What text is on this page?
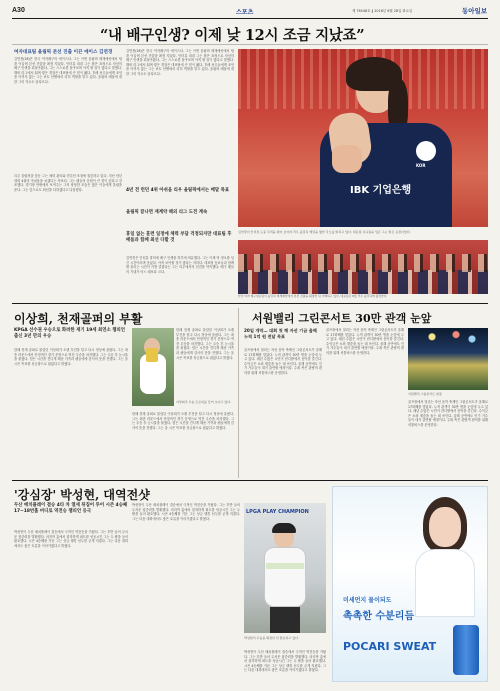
A30	스포츠	제 76548호 ‖ 2016년 6월 28일 화요일	동아일보
“내 배구인생? 이제 낮 12시 조금 지났죠”
여자대표팀 올림픽 본선 진출 이끈 에이스 김연경
김연경(28)은 한국 여자배구의 에이스다. 그는 이번 올림픽 세계예선에서 팀을 이끌며 본선 진출을 확정 지었다. 인터뷰 내내 그는 밝은 표정으로 자신의 배구 인생을 되돌아봤다. 그는 스스로를 돌아보며 아직 할 일이 많다고 말했다. 해외 리그에서 뛰며 쌓은 경험은 대표팀에 큰 힘이 됐다. 후배 선수들에게 조언을 아끼지 않는 그는 코트 안팎에서 리더 역할을 맡고 있다. 올림픽 메달에 대한 그의 각오도 남다르다.
리우 올림픽을 앞둔 그는 체력 관리와 컨디션 조절에 집중하고 있다. 지난 런던 대회 4위의 아쉬움을 씻겠다는 목표다. 그는 팬들의 응원이 큰 힘이 된다고 강조했다. 경기장 안팎에서 보여주는 그의 당당한 모습은 많은 이들에게 울림을 준다. 그는 앞으로도 최선을 다하겠다고 다짐했다.
김연경(28)은 한국 여자배구의 에이스다. 그는 이번 올림픽 세계예선에서 팀을 이끌며 본선 진출을 확정 지었다. 인터뷰 내내 그는 밝은 표정으로 자신의 배구 인생을 되돌아봤다. 그는 스스로를 돌아보며 아직 할 일이 많다고 말했다. 해외 리그에서 뛰며 쌓은 경험은 대표팀에 큰 힘이 됐다. 후배 선수들에게 조언을 아끼지 않는 그는 코트 안팎에서 리더 역할을 맡고 있다. 올림픽 메달에 대한 그의 각오도 남다르다.
4년 전 런던 4위 아쉬움 리우 올림픽에서는 메달 목표
올림픽 끝나면 재계약 해외 리그 도전 계속
휴일 없는 훈련 일정에 체력 부담 걱정되지만 대표팀 후배들과 함께 최선 다할 것
김연경은 인터뷰 말미에 배구 인생을 하루에 비유했다. 그는 이제 막 정오를 넘긴 시간이라며 웃었다. 아직 보여줄 것이 많다는 의미다. 대표팀 동료들과 함께 땀 흘리는 시간이 가장 즐겁다는 그는 리우에서의 선전을 약속했다. 배구 팬들의 기대가 어느 때보다 크다.
IBK 기업은행
KOR
김연경이 인터뷰 도중 주먹을 쥐어 보이며 리우 올림픽 메달을 향한 각오를 밝히고 있다. 대표팀 유니폼을 입은 그는 밝은 표정이었다.
한국 여자 배구대표팀이 올림픽 세계예선에서 본선 진출을 확정한 뒤 기뻐하고 있다. 대표팀은 8월 리우 올림픽에 출전한다.
이상희, 천재골퍼의 부활
KPGA 선수권 우승으로 화려한 재기 19세 최연소 챔피언 출신 3년 만의 우승
한때 천재 골퍼로 불렸던 이상희가 오랜 부진을 털고 다시 정상에 올랐다. 그는 최종 라운드에서 안정적인 경기 운영으로 역전 우승을 차지했다. 그는 우승 후 눈시울을 붉혔다. 힘든 시간을 견디게 해준 가족과 팬들에게 감사의 뜻을 전했다. 그는 올 시즌 목표를 상금왕으로 잡았다고 밝혔다.
이상희가 우승 트로피를 들어 보이고 있다.
한때 천재 골퍼로 불렸던 이상희가 오랜 부진을 털고 다시 정상에 올랐다. 그는 최종 라운드에서 안정적인 경기 운영으로 역전 우승을 차지했다. 그는 우승 후 눈시울을 붉혔다. 힘든 시간을 견디게 해준 가족과 팬들에게 감사의 뜻을 전했다. 그는 올 시즌 목표를 상금왕으로 잡았다고 밝혔다.
한때 천재 골퍼로 불렸던 이상희가 오랜 부진을 털고 다시 정상에 올랐다. 그는 최종 라운드에서 안정적인 경기 운영으로 역전 우승을 차지했다. 그는 우승 후 눈시울을 붉혔다. 힘든 시간을 견디게 해준 가족과 팬들에게 감사의 뜻을 전했다. 그는 올 시즌 목표를 상금왕으로 잡았다고 밝혔다.
서원밸리 그린콘서트 30만 관객 눈앞
20일 개막… 대회 첫 해 자선 기금 올해 누적 1억 원 전달 목표
골프장에서 열리는 자선 음악 축제인 그린콘서트가 올해로 17회째를 맞았다. 누적 관객이 30만 명을 눈앞에 두고 있다. 매년 수많은 시민이 잔디밭에서 음악을 즐긴다. 수익금은 소외 계층을 돕는 데 쓰인다. 올해 공연에도 인기 가수들이 대거 출연할 예정이다. 주최 측은 관람객 편의를 위해 셔틀버스를 운영한다.
골프장에서 열리는 자선 음악 축제인 그린콘서트가 올해로 17회째를 맞았다. 누적 관객이 30만 명을 눈앞에 두고 있다. 매년 수많은 시민이 잔디밭에서 음악을 즐긴다. 수익금은 소외 계층을 돕는 데 쓰인다. 올해 공연에도 인기 가수들이 대거 출연할 예정이다. 주최 측은 관람객 편의를 위해 셔틀버스를 운영한다.
서원밸리 그린콘서트 현장
골프장에서 열리는 자선 음악 축제인 그린콘서트가 올해로 17회째를 맞았다. 누적 관객이 30만 명을 눈앞에 두고 있다. 매년 수많은 시민이 잔디밭에서 음악을 즐긴다. 수익금은 소외 계층을 돕는 데 쓰인다. 올해 공연에도 인기 가수들이 대거 출연할 예정이다. 주최 측은 관람객 편의를 위해 셔틀버스를 운영한다.
'강심장' 박성현, 대역전샷
두산 매치플레이 결승 4타 차 열세 뒤집어 투어 시즌 4승째 17~18번홀 버디로 역전승 챔피언 등극
박성현이 두산 매치플레이 결승에서 극적인 역전승을 거뒀다. 그는 후반 들어 무서운 집중력을 발휘했다. 마지막 홀에서 침착하게 퍼트를 성공시킨 그는 두 팔을 들어 환호했다. 시즌 4승째를 거둔 그는 상금 랭킹 선두를 굳게 지켰다. 그는 다음 대회에서도 좋은 흐름을 이어가겠다고 밝혔다.
박성현이 두산 매치플레이 결승에서 극적인 역전승을 거뒀다. 그는 후반 들어 무서운 집중력을 발휘했다. 마지막 홀에서 침착하게 퍼트를 성공시킨 그는 두 팔을 들어 환호했다. 시즌 4승째를 거둔 그는 상금 랭킹 선두를 굳게 지켰다. 그는 다음 대회에서도 좋은 흐름을 이어가겠다고 밝혔다.
LPGA PLAY CHAMPION
박성현이 우승을 확정한 뒤 환호하고 있다.
박성현이 두산 매치플레이 결승에서 극적인 역전승을 거뒀다. 그는 후반 들어 무서운 집중력을 발휘했다. 마지막 홀에서 침착하게 퍼트를 성공시킨 그는 두 팔을 들어 환호했다. 시즌 4승째를 거둔 그는 상금 랭킹 선두를 굳게 지켰다. 그는 다음 대회에서도 좋은 흐름을 이어가겠다고 밝혔다.
미세먼지 물이되도
촉촉한 수분리듬
POCARI SWEAT
